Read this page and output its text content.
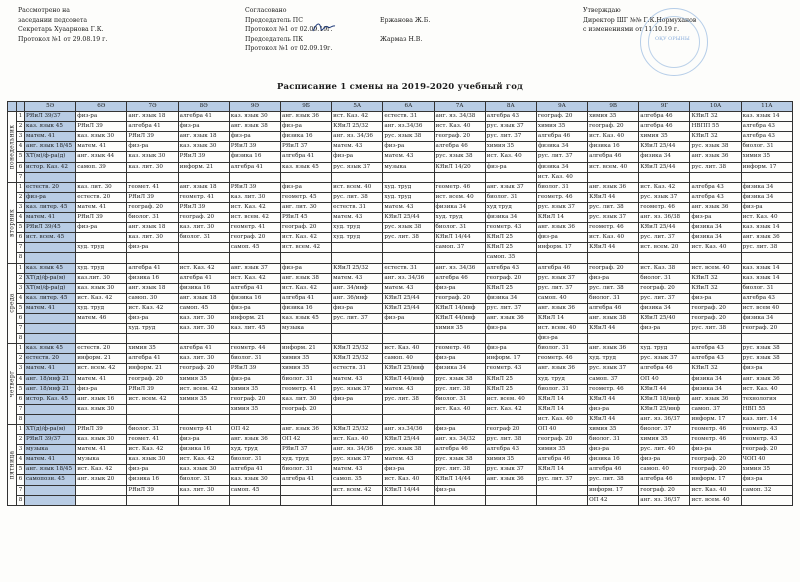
Рассмотрено на
заседании педсовета
Секретарь Хуаарнова Г.К.
Протокол №1 от 29.08.19 г.
Согласовано
Председатель ПС
Протокол №1 от 02.09.19г.
Председатель ПК
Протокол №1 от 02.09.19г.
Ержанова Ж.Б.
Жармаз Н.В.
Утверждаю
Директор ШГ №№ Г.К.Нормуханов
с изменениями от 11.10.19 г.
ОҚУ ОРЫНЫ
Расписание 1 смены на 2019-2020 учебный год
		5Ә	6Ә	7Ә	8Ә	9Ә	9Б	5А	6А	7А	8А	9А	9В	9Г	10А	11А

понедельник	1	РЯиЛ 39/37	физ-ра	анг. язык 18	алгебра 41	каз. язык 30	анг. язык 36	ист. Каз. 42	естеств. 31	анг. яз. 34/38	алгебра 43	географ. 20	химия 35	алгебра 46	КЯиЛ 32	каз. язык 14
	2	каз. язык 45	РЯиЛ 39	алгебра 41	физ-ра	анг. язык 38	физ-ра	КЯиЛ 25/32	анг. яз.34/36	ист. Каз. 40	рус. язык 37	химия 35	географ. 20	алгебра 46	НВПП 55	алгебра 43
	3	матем. 41	каз. язык 30	РЯиЛ 39	анг. язык 18	физ-ра	физика 16	анг. яз. 34/36	рус. язык 38	географ. 20	рус. лит. 37	алгебра 46	ист. Каз. 40	химия 35	КЯиЛ 32	алгебра 43
	4	анг. язык 18/45	матем. 41	физ-ра	каз. язык 30	РЯиЛ 39	РЯиЛ 37	матем. 43	физ-ра	алгебра 46	химия 35	физика 34	физика 16	КЯиЛ 25/44	рус. язык 38	биолог. 31
	5	ХТ(м)/ф-ра(д)	анг. язык 44	каз. язык 30	РЯиЛ 39	физика 16	алгебра 41	физ-ра	матем. 43	рус. язык 38	ист. Каз. 40	рус. лит. 37	алгебра 46	физика 34	анг. язык 36	химия 35
	6	истор. Каз. 42	самоп. 39	каз. лит. 30	информ. 21	алгебра 41	каз. язык 45	рус. язык 37	музыка	КЯиЛ 14/20	физ-ра	физика 34	ист. всем. 40	КЯиЛ 25/44	рус. лит. 38	информ. 17
	7											ист. Каз. 40				

вторник	1	естеств. 20	каз. лит. 30	геомет. 41	анг. язык 18	РЯиЛ 39	физ-ра	ист. всем. 40	худ. труд	геометр. 46	анг. язык 37	биолог. 31	анг. язык 36	ист. Каз. 42	алгебра 43	физика 34
	2	физ-ра	естеств. 20	РЯиЛ 39	геометр. 41	каз. лит. 30	геометр. 45	рус. лит. 38	худ. труд	ист. всем. 40	биолог. 31	геометр. 46	КЯиЛ 44	рус. язык 37	алгебра 43	физика 34
	3	каз. литер. 45	матем. 41	географ. 20	РЯиЛ 39	ист. Каз. 42	анг. лит. 30	естеств. 31	матем. 43	физика 34	худ труд	рус. язык 37	рус. лит. 38	геометр. 46	анг. язык 36	физ-ра
	4	матем. 41	РЯиЛ 39	биолог. 31	географ. 20	ист. всем. 42	РЯиЛ 45	матем. 43	КЯиЛ 25/44	худ. труд	физика 34	КЯиЛ 14	рус. язык 37	анг. яз. 36/38	физ-ра	ист. Каз. 40
	5	РЯиЛ 39/45	физ-ра	анг. язык 18	каз. лит. 30	геометр. 41	географ. 20	худ. труд	рус. язык 38	биолог. 31	геометр. 43	анг. язык 36	геометр. 46	КЯиЛ 25/44	физика 34	каз. язык 14
	6	ист. всем. 45		каз. лит. 30	биолог. 31	географ. 20	ист. Каз. 42	худ. труд	рус. лит. 38	КЯиЛ 14/44	КЯиЛ 25	физ-ра	ист. Каз. 40	рус. лит. 37	физика 34	анг. язык 36
	7		худ. труд	физ-ра		самоп. 45	ист. всем. 42			самоп. 37	КЯиЛ 25	информ. 17	КЯиЛ 44	ист. всем. 20	ист. Каз. 40	рус. лит. 38
	8										самоп. 35					

среда	1	каз. язык 45	худ. труд	алгебра 41	ист. Каз. 42	анг. язык 37	физ-ра	КЯиЛ 25/32	естеств. 31	анг. яз. 34/36	алгебра 43	алгебра 46	географ. 20	ист. Каз. 38	ист. всем. 40	каз. язык 14
	2	ХТ(д)/ф-ра(м)	каз.лит. 30	физика 16	алгебра 41	ист. Каз. 42	анг. язык 38	матем. 43	анг. яз. 34/36	алгебра 46	географ. 20	рус. язык 37	физ-ра	биолог. 31	КЯиЛ 32	каз. язык 14
	3	ХТ(м)/ф-ра(д)	каз. язык 30	анг. язык 18	физика 16	алгебра 41	ист. Каз. 42	анг. 34/инф	матем. 43	физ-ра	КЯиЛ 25	рус. лит. 37	рус. лит. 38	географ. 20	КЯиЛ 32	биолог. 31
	4	каз. литер. 45	ист. Каз. 42	самоп. 30	анг. язык 18	физика 16	алгебра 41	анг. 36/инф	КЯиЛ 25/44	географ. 20	физика 34	самоп. 40	биолог. 31	рус. лит. 37	физ-ра	алгебра 43
	5	матем. 41	худ. труд	ист. Каз. 42	самоп. 45	физ-ра	физика 16	физ-ра	КЯиЛ 25/44	КЯиЛ 14/инф	рус. лит. 37	анг. язык 36	алгебра 46	физика 34	географ. 20	ист. всем 40
	6		матем. 46	физ-ра	каз. лит. 30	информ. 21	каз. язык 45	рус. лит. 37	физ-ра	КЯиЛ 44/инф	анг. язык 36	КЯиЛ 14	анг. язык 38	КЯиЛ 25/40	географ. 20	физика 34
	7			худ. труд	каз. лит. 30	каз. лит. 45	музыка			химия 35	физ-ра	ист. всем. 40	КЯиЛ 44	физ-ра	рус. лит. 38	географ. 20
	8											физ-ра				

четверг	1	каз. язык 45	естеств. 20	химия 35	алгебра 41	геометр. 44	информ. 21	КЯиЛ 25/32	ист. Каз. 40	геометр. 46	физ-ра	биолог. 31	анг. язык 36	худ. труд	алгебра 43	рус. язык 38
	2	естеств. 20	информ. 21	алгебра 41	каз. лит. 30	биолог. 31	химия 35	КЯиЛ 25/32	самоп. 40	физ-ра	информ. 17	геометр. 46	худ. труд	рус. язык 37	алгебра 43	рус. язык 38
	3	матем. 41	ист. всем. 42	информ. 21	географ. 20	РЯиЛ 39	химия 35	естеств. 31	КЯиЛ 25/инф	физика 34	геометр. 43	анг. язык 36	рус. язык 37	алгебра 46	КЯиЛ 32	физ-ра
	4	анг. 18/инф 21	матем. 41	географ. 20	химия 35	физ-ра	биолог. 31	матем. 43	КЯиЛ 44/инф	рус. язык 38	КЯиЛ 25	худ. труд	самоп. 37	ОП 40	физика 34	анг. язык 36
	5	анг. 18/инф 21	физ-ра	РЯиЛ 39	ист. всем. 42	химия 35	геометр. 41	рус. язык 37	матем. 43	рус. лит. 38	КЯиЛ 25	биолог. 31	геометр. 46	КЯиЛ 44	физика 34	ист. Каз. 40
	6	истор. Каз. 45	анг. язык 16	ист. всем. 42	химия 35	географ. 20	каз. лит. 30	физ-ра	рус. лит. 38	биолог. 31	ист. всем. 40	КЯиЛ 14	КЯиЛ 44	КЯиЛ 18/инф	анг. язык 36	технология
	7		каз. язык 30			химия 35	географ. 20			ист. Каз. 40	ист. Каз. 42	КЯиЛ 14	физ-ра	КЯиЛ 25/инф	самоп. 37	НВП 55
	8											ист. Каз. 40	КЯиЛ 44	анг. яз. 36/37	информ. 17	каз. лит. 14

пятница	1	ХТ(д)/ф-ра(м)	РЯиЛ 39	биолог. 31	геометр 41	ОП 42	анг. язык 36	КЯиЛ 25/32	анг. яз.34/36	физ-ра	географ 20	ОП 40	химия 35	биолог. 37	геометр. 46	геометр. 43
	2	РЯиЛ 39/37	каз. язык 30	геомет. 41	физ-ра	анг. язык 36	ОП 42	ист. Каз. 40	КЯиЛ 25/44	анг. яз. 34/32	рус. лит. 38	географ. 20	биолог. 31	химия 35	геометр. 46	геометр. 43
	3	музыка	матем. 41	ист. Каз. 42	физика 16	худ. труд	РЯиЛ 37	анг. яз. 34/36	рус. язык 38	алгебра 46	алгебра 43	химия 35	физ-ра	рус. лит. 40	физ-ра	географ. 20
	4	матем. 41	музыка	каз. язык 30	ист. Каз. 42	биолог. 31	худ. труд	рус. язык 37	матем. 43	рус. язык 38	химия 35	алгебра 46	физика 16	физ-ра	географ. 20	ЧОП 40
	5	анг. язык 18/45	ист. Каз. 42	физ-ра	каз. язык 30	алгебра 41	биолог. 31	матем. 43	физ-ра	рус. лит. 38	рус. язык 37	КЯиЛ 14	алгебра 46	самоп. 40	географ. 20	химия 35
	6	самопозн. 45	анг. язык 20	физика 16	биолог. 31	каз. язык 30	алгебра 41	самоп. 35	ист. Каз. 40	КЯиЛ 14/44	анг. язык 36	рус. лит. 37	рус. лит. 38	алгебра 46	информ. 17	физ-ра
	7			РЯиЛ 39	каз. лит. 30	самоп. 45		ист. всем. 42	КЯиЛ 14/44	физ-ра			информ. 17	географ. 20	ист. Каз. 40	самоп. 32
	8												ОП 42	анг. яз. 36/37	ист. всем. 40	
